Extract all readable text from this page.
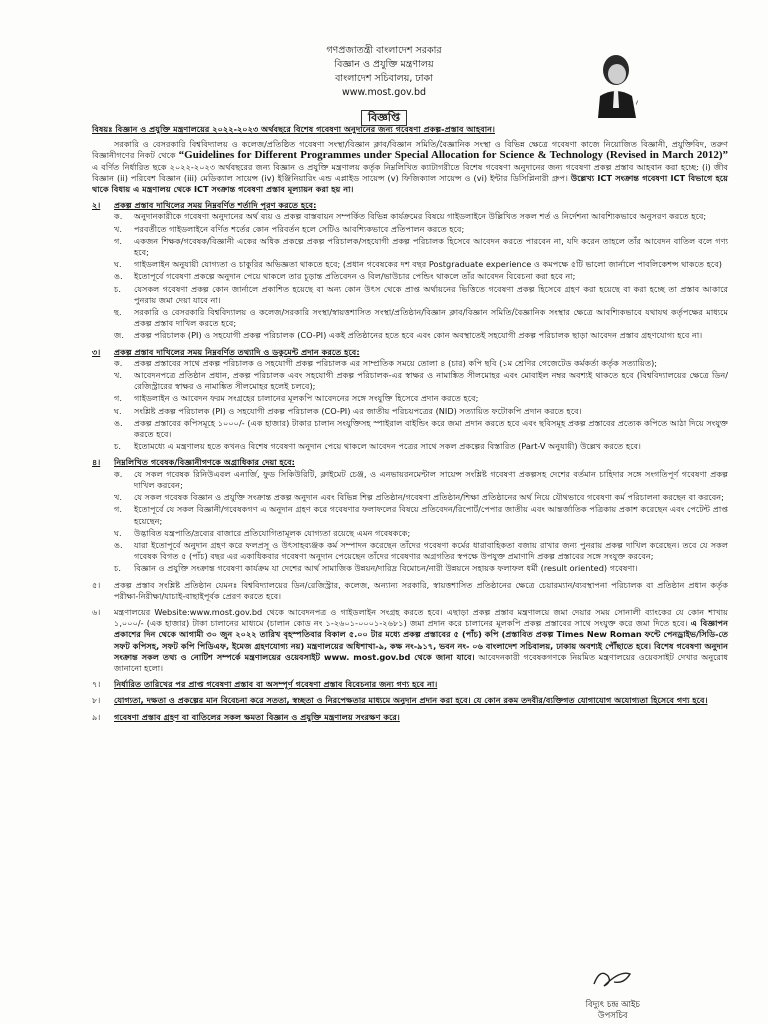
গণপ্রজাতন্ত্রী বাংলাদেশ সরকার
বিজ্ঞান ও প্রযুক্তি মন্ত্রণালয়
বাংলাদেশ সচিবালয়, ঢাকা
www.most.gov.bd
~
বিজ্ঞপ্তি

বিষয়ঃ বিজ্ঞান ও প্রযুক্তি মন্ত্রণালয়ের ২০২২-২০২৩ অর্থবছরে বিশেষ গবেষণা অনুদানের জন্য গবেষণা প্রকল্প-প্রস্তাব আহবান।

সরকারি ও বেসরকারি বিশ্ববিদ্যালয় ও কলেজ/প্রতিষ্ঠিত গবেষণা সংস্থা/বিজ্ঞান ক্লাব/বিজ্ঞান সমিতি/বৈজ্ঞানিক সংস্থা ও বিভিন্ন ক্ষেত্রে গবেষণা কাজে নিয়োজিত বিজ্ঞানী, প্রযুক্তিবিদ, তরুণ বিজ্ঞানীগণের নিকট থেকে “Guidelines for Different Programmes under Special Allocation for Science & Technology (Revised in March 2012)” এ বর্ণিত নির্ধারিত ছকে ২০২২-২০২৩ অর্থবছরের জন্য বিজ্ঞান ও প্রযুক্তি মন্ত্রণালয় কর্তৃক নিম্নলিখিত ক্যাটাগরীতে বিশেষ গবেষণা অনুদানের জন্য গবেষণা প্রকল্প প্রস্তাব আহবান করা হচ্ছে: (i) জীব বিজ্ঞান (ii) পরিবেশ বিজ্ঞান (iii) মেডিক্যাল সায়েন্স (iv) ইঞ্জিনিয়ারিং এন্ড এপ্লাইড সায়েন্স (v) ফিজিক্যাল সায়েন্স ও (vi) ইন্টার ডিসিপ্লিনারী গ্রুপ। উল্লেখ্য ICT সংক্রান্ত গবেষণা ICT বিভাগে হয়ে থাকে বিধায় এ মন্ত্রণালয় থেকে ICT সংক্রান্ত গবেষণা প্রস্তাব মূল্যায়ন করা হয় না।

২।	প্রকল্প প্রস্তাব দাখিলের সময় নিম্নবর্ণিত শর্তাদি পূরণ করতে হবে:
ক.	অনুদানকারীকে গবেষণা অনুদানের অর্থ ব্যয় ও প্রকল্প বাস্তবায়ন সম্পর্কিত বিভিন্ন কার্যক্রমের বিষয়ে গাইডলাইনে উল্লিখিত সকল শর্ত ও নির্দেশনা আবশ্যিকভাবে অনুসরণ করতে হবে;
খ.	পরবর্তীতে গাইডলাইনে বর্ণিত শর্তের কোন পরিবর্তন হলে সেটিও আবশ্যিকভাবে প্রতিপালন করতে হবে;
গ.	একজন শিক্ষক/গবেষক/বিজ্ঞানী একের অধিক প্রকল্পে প্রকল্প পরিচালক/সহযোগী প্রকল্প পরিচালক হিসেবে আবেদন করতে পারবেন না, যদি করেন তাহলে তাঁর আবেদন বাতিল বলে গণ্য হবে;
ঘ.	গাইডলাইন অনুযায়ী যোগ্যতা ও চাকুরির অভিজ্ঞতা থাকতে হবে; (প্রধান গবেষকের দশ বছর Postgraduate experience ও কমপক্ষে ৫টি ভালো জার্নালে পাবলিকেশন্স থাকতে হবে)
ঙ.	ইতোপূর্বে গবেষণা প্রকল্পে অনুদান পেয়ে থাকলে তার চূড়ান্ত প্রতিবেদন ও বিল/ভাউচার পেন্ডিং থাকলে তাঁর আবেদন বিবেচনা করা হবে না;
চ.	যেসকল গবেষণা প্রকল্প কোন জার্নালে প্রকাশিত হয়েছে বা অন্য কোন উৎস থেকে প্রাপ্ত অর্থায়নের ভিত্তিতে গবেষণা প্রকল্প হিসেবে গ্রহণ করা হয়েছে বা করা হচ্ছে তা প্রস্তাব আকারে পুনরায় জমা দেয়া যাবে না।
ছ.	সরকারি ও বেসরকারি বিশ্ববিদ্যালয় ও কলেজ/সরকারি সংস্থা/স্বায়ত্তশাসিত সংস্থা/প্রতিষ্ঠান/বিজ্ঞান ক্লাব/বিজ্ঞান সমিতি/বৈজ্ঞানিক সংস্থার ক্ষেত্রে আবশ্যিকভাবে যথাযথ কর্তৃপক্ষের মাধ্যমে প্রকল্প প্রস্তাব দাখিল করতে হবে;
জ.	প্রকল্প পরিচালক (PI) ও সহযোগী প্রকল্প পরিচালক (CO-PI) একই প্রতিষ্ঠানের হতে হবে এবং কোন অবস্থাতেই সহযোগী প্রকল্প পরিচালক ছাড়া আবেদন প্রস্তাব গ্রহণযোগ্য হবে না।
৩।	প্রকল্প প্রস্তাব দাখিলের সময় নিম্নবর্ণিত তথ্যাদি ও ডকুমেন্ট প্রদান করতে হবে:
ক.	প্রকল্প প্রস্তাবের সাথে প্রকল্প পরিচালক ও সহযোগী প্রকল্প পরিচালক এর সাম্প্রতিক সময়ে তোলা ৪ (চার) কপি ছবি (১ম শ্রেণির গেজেটেড কর্মকর্তা কর্তৃক সত্যায়িত);
খ.	আবেদনপত্রে প্রতিষ্ঠান প্রধান, প্রকল্প পরিচালক এবং সহযোগী প্রকল্প পরিচালক-এর স্বাক্ষর ও নামাঙ্কিত সীলমোহর এবং মোবাইল নম্বর অবশ্যই থাকতে হবে (বিশ্ববিদ্যালয়ের ক্ষেত্রে ডিন/রেজিস্ট্রারের স্বাক্ষর ও নামাঙ্কিত সীলমোহর হলেই চলবে);
গ.	গাইডলাইন ও আবেদন ফরম সংগ্রহের চালানের মূলকপি আবেদনের সঙ্গে সংযুক্তি হিসেবে প্রদান করতে হবে;
ঘ.	সংশ্লিষ্ট প্রকল্প পরিচালক (PI) ও সহযোগী প্রকল্প পরিচালক (CO-PI) এর জাতীয় পরিচয়পত্রের (NID) সত্যায়িত ফটোকপি প্রদান করতে হবে।
ঙ.	প্রকল্প প্রস্তাবের কপিসমূহে ১০০০/- (এক হাজার) টাকার চালান সংযুক্তিসহ স্পাইরাল বাইন্ডিং করে জমা প্রদান করতে হবে এবং ছবিসমূহ প্রকল্প প্রস্তাবের প্রত্যেক কপিতে আঠা দিয়ে সংযুক্ত করতে হবে।
চ.	ইতোমধ্যে এ মন্ত্রণালয় হতে কখনও বিশেষ গবেষণা অনুদান পেয়ে থাকলে আবেদন পত্রের সাথে সকল প্রকল্পের বিস্তারিত (Part-V অনুযায়ী) উল্লেখ করতে হবে।
৪।	নিম্নলিখিত গবেষক/বিজ্ঞানীগণকে অগ্রাধিকার দেয়া হবে:
ক.	যে সকল গবেষক রিনিউএবল এনার্জি, ফুড সিকিউরিটি, ক্লাইমেট চেঞ্জ, ও এনভায়রনমেন্টাল সায়েন্স সংশ্লিষ্ট গবেষণা প্রকল্পসহ দেশের বর্তমান চাহিদার সঙ্গে সংগতিপূর্ণ গবেষণা প্রকল্প দাখিল করবেন;
খ.	যে সকল গবেষক বিজ্ঞান ও প্রযুক্তি সংক্রান্ত প্রকল্প অনুদান এবং বিভিন্ন শিল্প প্রতিষ্ঠান/গবেষণা প্রতিষ্ঠান/শিক্ষা প্রতিষ্ঠানের অর্থ নিয়ে যৌথভাবে গবেষণা কর্ম পরিচালনা করছেন বা করবেন;
গ.	ইতোপূর্বে যে সকল বিজ্ঞানী/গবেষকগণ এ অনুদান গ্রহণ করে গবেষণার ফলাফলের বিষয়ে প্রতিবেদন/রিপোর্ট/পেপার জাতীয় এবং আন্তর্জাতিক পত্রিকায় প্রকাশ করেছেন এবং পেটেন্ট প্রাপ্ত হয়েছেন;
ঘ.	উদ্ভাবিত যন্ত্রপাতি/দ্রব্যের বাজারে প্রতিযোগিতামূলক যোগ্যতা রয়েছে এমন গবেষককে;
ঙ.	যারা ইতোপূর্বে অনুদান গ্রহণ করে ফলপ্রসূ ও উৎসাহব্যঞ্জক কর্ম সম্পাদন করেছেন তাঁদের গবেষণা কর্মের ধারাবাহিকতা বজায় রাখার জন্য পুনরায় প্রকল্প দাখিল করেছেন। তবে যে সকল গবেষক বিগত ৫ (পাঁচ) বছর এর একাধিকবার গবেষণা অনুদান পেয়েছেন তাঁদের গবেষণার অগ্রগতির স্বপক্ষে উপযুক্ত প্রমাণাদি প্রকল্প প্রস্তাবের সঙ্গে সংযুক্ত করবেন;
চ.	বিজ্ঞান ও প্রযুক্তি সংক্রান্ত গবেষণা কার্যক্রম যা দেশের আর্থ সামাজিক উন্নয়ন/দারিদ্র বিমোচন/নারী উন্নয়নে সহায়ক ফলাফল ধর্মী (result oriented) গবেষণা।
৫।	প্রকল্প প্রস্তাব সংশ্লিষ্ট প্রতিষ্ঠান যেমনঃ বিশ্ববিদ্যালয়ের ডিন/রেজিস্ট্রার, কলেজ, অন্যান্য সরকারি, স্বায়ত্তশাসিত প্রতিষ্ঠানের ক্ষেত্রে চেয়ারম্যান/ব্যবস্থাপনা পরিচালক বা প্রতিষ্ঠান প্রধান কর্তৃক পরীক্ষা-নিরীক্ষা/যাচাই-বাছাইপূর্বক প্রেরণ করতে হবে।
৬।	মন্ত্রণালয়ের Website:www.most.gov.bd থেকে আবেদনপত্র ও গাইডলাইন সংগ্রহ করতে হবে। এছাড়া প্রকল্প প্রস্তাব মন্ত্রণালয়ে জমা দেয়ার সময় সোনালী ব্যাংকের যে কোন শাখায় ১,০০০/- (এক হাজার) টাকা চালানের মাধ্যমে (চালান কোড নং ১-২৬০১-০০০১-২৬৮১) জমা প্রদান করে চালানের মূলকপি প্রকল্প প্রস্তাবের সাথে সংযুক্ত করে জমা দিতে হবে। এ বিজ্ঞাপন প্রকাশের দিন থেকে আগামী ৩০ জুন ২০২২ তারিখ বৃহস্পতিবার বিকাল ৫.০০ টার মধ্যে প্রকল্প প্রস্তাবের ৫ (পাঁচ) কপি (প্রস্তাবিত প্রকল্প Times New Roman ফন্টে পেনড্রাইভ/সিডি-তে সফট কপিসহ, সফট কপি পিডিএফ, ইমেজ গ্রহণযোগ্য নয়) মন্ত্রণালয়ের অধিশাখা-৯, কক্ষ নং-৯১৭, ভবন নং- ০৬ বাংলাদেশ সচিবালয়, ঢাকায় অবশ্যই পৌঁছাতে হবে। বিশেষ গবেষণা অনুদান সংক্রান্ত সকল তথ্য ও নোটিশ সম্পর্কে মন্ত্রণালয়ের ওয়েবসাইট www. most.gov.bd থেকে জানা যাবে। আবেদনকারী গবেষকগণকে নিয়মিত মন্ত্রণালয়ের ওয়েবসাইট দেখার অনুরোধ জানানো হলো।
৭।	নির্ধারিত তারিখের পর প্রাপ্ত গবেষণা প্রস্তাব বা অসম্পূর্ণ গবেষণা প্রস্তাব বিবেচনার জন্য গণ্য হবে না।
৮।	যোগ্যতা, দক্ষতা ও প্রকল্পের মান বিবেচনা করে সততা, স্বচ্ছতা ও নিরপেক্ষতার মাধ্যমে অনুদান প্রদান করা হবে। যে কোন রকম তদবীর/ব্যক্তিগত যোগাযোগ অযোগ্যতা হিসেবে গণ্য হবে।
৯।	গবেষণা প্রস্তাব গ্রহণ বা বাতিলের সকল ক্ষমতা বিজ্ঞান ও প্রযুক্তি মন্ত্রণালয় সংরক্ষণ করে।
বিদ্যুৎ চন্দ্র আইচ
উপসচিব
